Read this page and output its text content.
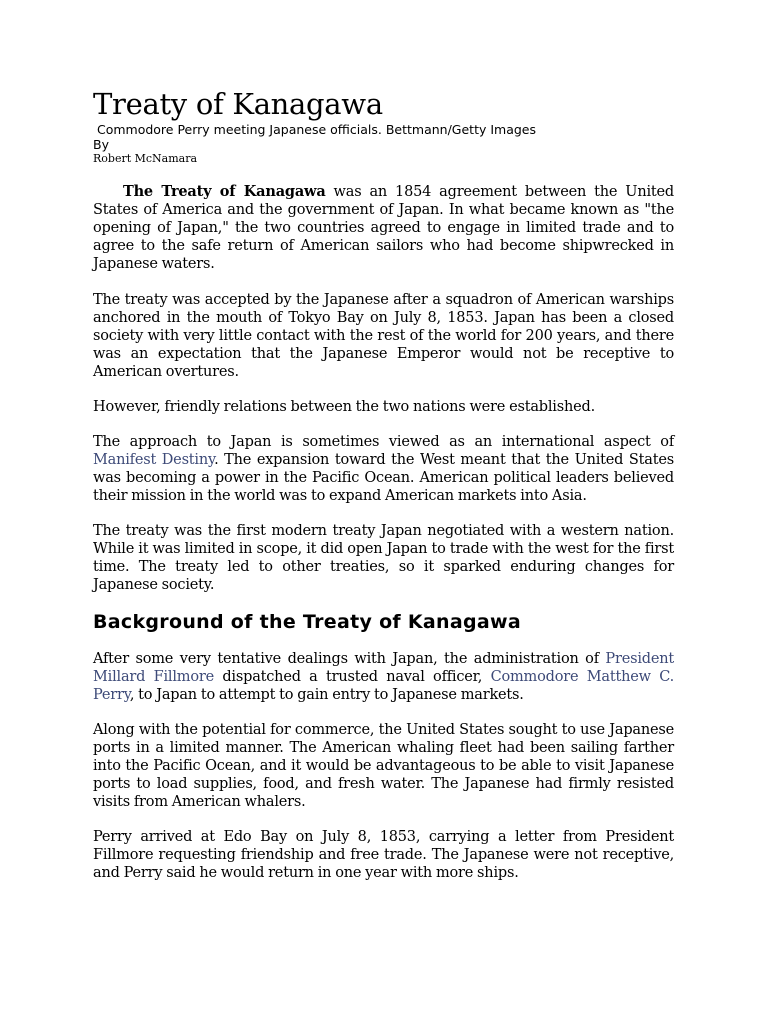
Treaty of Kanagawa

Commodore Perry meeting Japanese officials. Bettmann/Getty Images

By

Robert McNamara

The Treaty of Kanagawa was an 1854 agreement between the United States of America and the government of Japan. In what became known as "the opening of Japan," the two countries agreed to engage in limited trade and to agree to the safe return of American sailors who had become shipwrecked in Japanese waters.

The treaty was accepted by the Japanese after a squadron of American warships anchored in the mouth of Tokyo Bay on July 8, 1853. Japan has been a closed society with very little contact with the rest of the world for 200 years, and there was an expectation that the Japanese Emperor would not be receptive to American overtures.

However, friendly relations between the two nations were established.

The approach to Japan is sometimes viewed as an international aspect of Manifest Destiny. The expansion toward the West meant that the United States was becoming a power in the Pacific Ocean. American political leaders believed their mission in the world was to expand American markets into Asia.

The treaty was the first modern treaty Japan negotiated with a western nation. While it was limited in scope, it did open Japan to trade with the west for the first time. The treaty led to other treaties, so it sparked enduring changes for Japanese society.

Background of the Treaty of Kanagawa

After some very tentative dealings with Japan, the administration of President Millard Fillmore dispatched a trusted naval officer, Commodore Matthew C. Perry, to Japan to attempt to gain entry to Japanese markets.

Along with the potential for commerce, the United States sought to use Japanese ports in a limited manner. The American whaling fleet had been sailing farther into the Pacific Ocean, and it would be advantageous to be able to visit Japanese ports to load supplies, food, and fresh water. The Japanese had firmly resisted visits from American whalers.

Perry arrived at Edo Bay on July 8, 1853, carrying a letter from President Fillmore requesting friendship and free trade. The Japanese were not receptive, and Perry said he would return in one year with more ships.
